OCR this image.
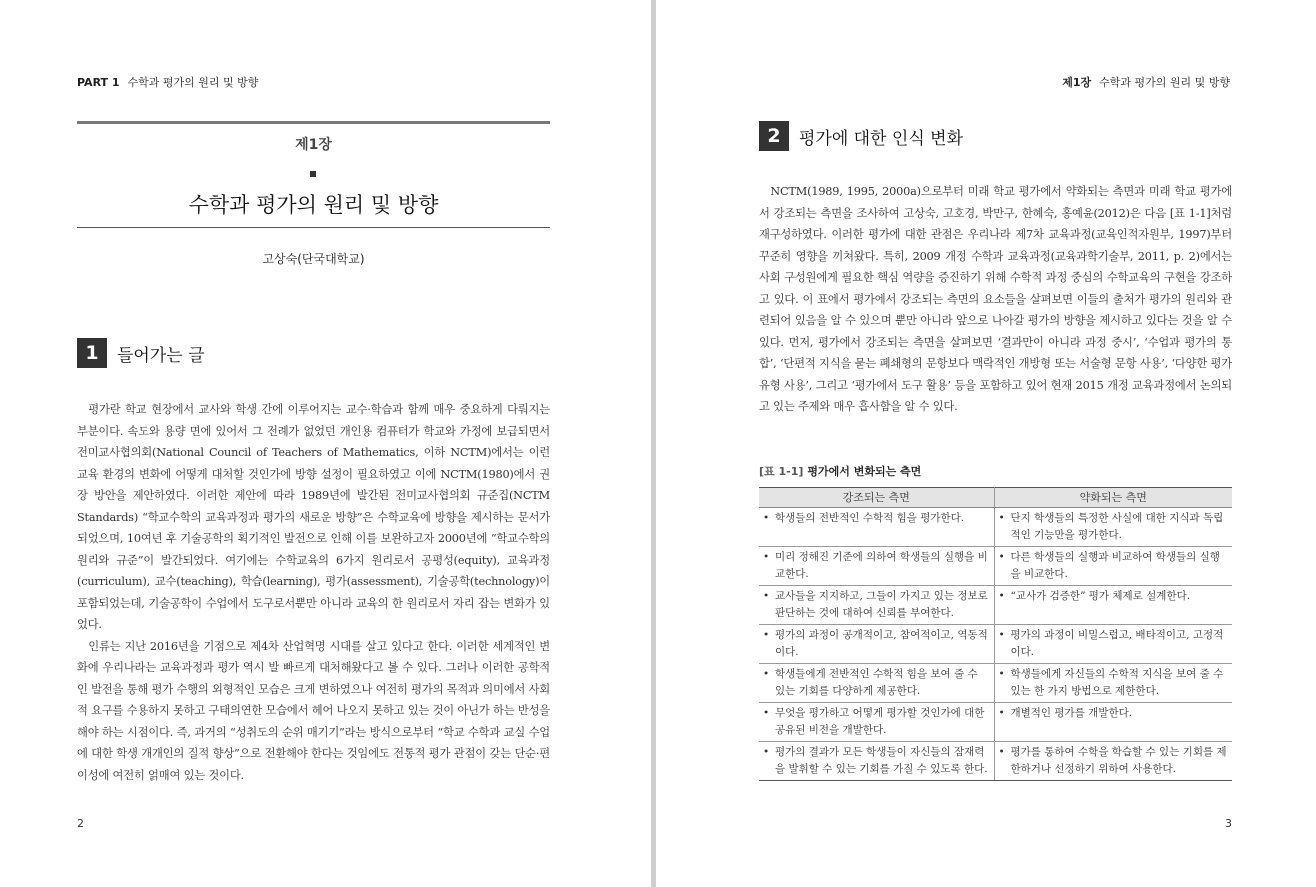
PART 1 수학과 평가의 원리 및 방향
제1장
수학과 평가의 원리 및 방향
고상숙(단국대학교)
1	들어가는 글

평가란 학교 현장에서 교사와 학생 간에 이루어지는 교수·학습과 함께 매우 중요하게 다뤄지는 부분이다. 속도와 용량 면에 있어서 그 전례가 없었던 개인용 컴퓨터가 학교와 가정에 보급되면서 전미교사협의회(National Council of Teachers of Mathematics, 이하 NCTM)에서는 이런 교육 환경의 변화에 어떻게 대처할 것인가에 방향 설정이 필요하였고 이에 NCTM(1980)에서 권장 방안을 제안하였다. 이러한 제안에 따라 1989년에 발간된 전미교사협의회 규준집(NCTM Standards) “학교수학의 교육과정과 평가의 새로운 방향”은 수학교육에 방향을 제시하는 문서가 되었으며, 10여년 후 기술공학의 획기적인 발전으로 인해 이를 보완하고자 2000년에 “학교수학의 원리와 규준”이 발간되었다. 여기에는 수학교육의 6가지 원리로서 공평성(equity), 교육과정(curriculum), 교수(teaching), 학습(learning), 평가(assessment), 기술공학(technology)이 포함되었는데, 기술공학이 수업에서 도구로서뿐만 아니라 교육의 한 원리로서 자리 잡는 변화가 있었다.

인류는 지난 2016년을 기점으로 제4차 산업혁명 시대를 살고 있다고 한다. 이러한 세계적인 변화에 우리나라는 교육과정과 평가 역시 발 빠르게 대처해왔다고 볼 수 있다. 그러나 이러한 공학적인 발전을 통해 평가 수행의 외형적인 모습은 크게 변하였으나 여전히 평가의 목적과 의미에서 사회적 요구를 수용하지 못하고 구태의연한 모습에서 헤어 나오지 못하고 있는 것이 아닌가 하는 반성을 해야 하는 시점이다. 즉, 과거의 “성취도의 순위 매기기”라는 방식으로부터 “학교 수학과 교실 수업에 대한 학생 개개인의 질적 향상”으로 전환해야 한다는 것임에도 전통적 평가 관점이 갖는 단순·편이성에 여전히 얽매여 있는 것이다.

2
제1장 수학과 평가의 원리 및 방향
2	평가에 대한 인식 변화

NCTM(1989, 1995, 2000a)으로부터 미래 학교 평가에서 약화되는 측면과 미래 학교 평가에서 강조되는 측면을 조사하여 고상숙, 고호경, 박만구, 한혜숙, 홍예윤(2012)은 다음 [표 1-1]처럼 재구성하였다. 이러한 평가에 대한 관점은 우리나라 제7차 교육과정(교육인적자원부, 1997)부터 꾸준히 영향을 끼쳐왔다. 특히, 2009 개정 수학과 교육과정(교육과학기술부, 2011, p. 2)에서는 사회 구성원에게 필요한 핵심 역량을 증진하기 위해 수학적 과정 중심의 수학교육의 구현을 강조하고 있다. 이 표에서 평가에서 강조되는 측면의 요소들을 살펴보면 이들의 출처가 평가의 원리와 관련되어 있음을 알 수 있으며 뿐만 아니라 앞으로 나아갈 평가의 방향을 제시하고 있다는 것을 알 수 있다. 먼저, 평가에서 강조되는 측면을 살펴보면 ‘결과만이 아니라 과정 중시’, ‘수업과 평가의 통합’, ‘단편적 지식을 묻는 폐쇄형의 문항보다 맥락적인 개방형 또는 서술형 문항 사용’, ‘다양한 평가 유형 사용’, 그리고 ‘평가에서 도구 활용’ 등을 포함하고 있어 현재 2015 개정 교육과정에서 논의되고 있는 주제와 매우 흡사함을 알 수 있다.

[표 1-1] 평가에서 변화되는 측면
강조되는 측면	약화되는 측면

• 학생들의 전반적인 수학적 힘을 평가한다.	• 단지 학생들의 특정한 사실에 대한 지식과 독립적인 기능만을 평가한다.

• 미리 정해진 기준에 의하여 학생들의 실행을 비교한다.	• 다른 학생들의 실행과 비교하여 학생들의 실행을 비교한다.

• 교사들을 지지하고, 그들이 가지고 있는 정보로 판단하는 것에 대하여 신뢰를 부여한다.	• “교사가 검증한” 평가 체제로 설계한다.

• 평가의 과정이 공개적이고, 참여적이고, 역동적이다.	• 평가의 과정이 비밀스럽고, 배타적이고, 고정적이다.

• 학생들에게 전반적인 수학적 힘을 보여 줄 수 있는 기회를 다양하게 제공한다.	• 학생들에게 자신들의 수학적 지식을 보여 줄 수 있는 한 가지 방법으로 제한한다.

• 무엇을 평가하고 어떻게 평가할 것인가에 대한 공유된 비전을 개발한다.	• 개별적인 평가를 개발한다.

• 평가의 결과가 모든 학생들이 자신들의 잠재력을 발휘할 수 있는 기회를 가질 수 있도록 한다.	• 평가를 통하여 수학을 학습할 수 있는 기회를 제한하거나 선정하기 위하여 사용한다.
3
